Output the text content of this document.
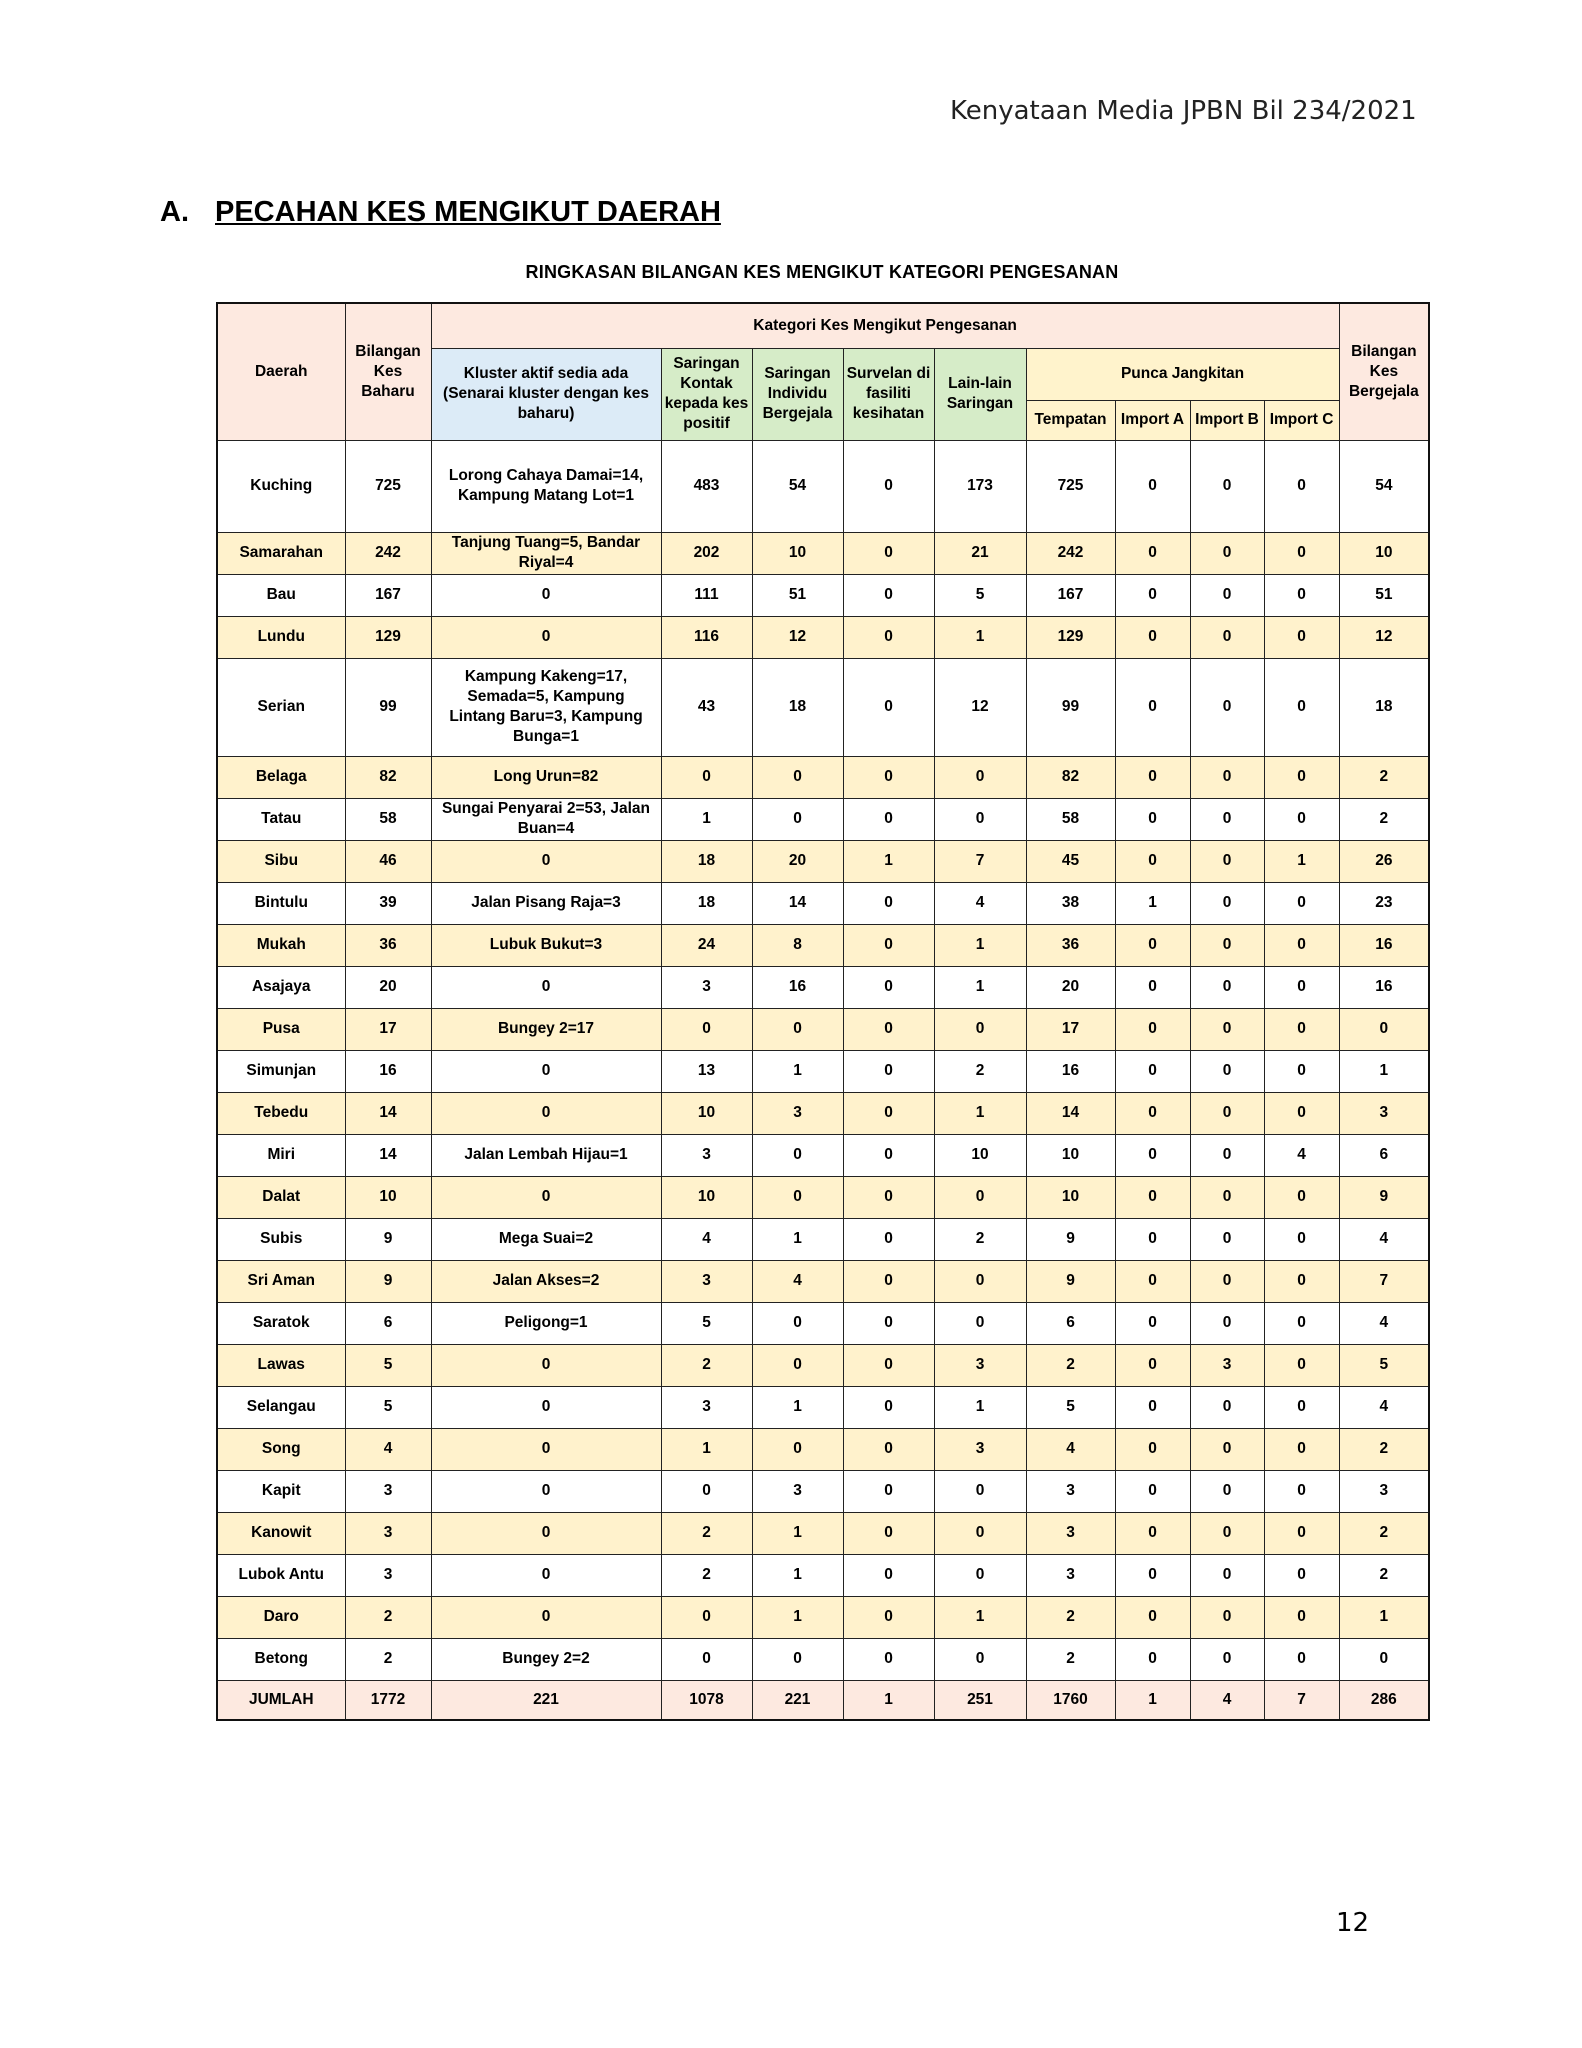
Kenyataan Media JPBN Bil 234/2021
A. PECAHAN KES MENGIKUT DAERAH
RINGKASAN BILANGAN KES MENGIKUT KATEGORI PENGESANAN
Daerah	Bilangan Kes Baharu	Kategori Kes Mengikut Pengesanan									Bilangan Kes Bergejala
		Kluster aktif sedia ada (Senarai kluster dengan kes baharu)	Saringan Kontak kepada kes positif	Saringan Individu Bergejala	Survelan di fasiliti kesihatan	Lain-lain Saringan	Punca Jangkitan				
							Tempatan	Import A	Import B	Import C	
Kuching	725	Lorong Cahaya Damai=14, Kampung Matang Lot=1	483	54	0	173	725	0	0	0	54
Samarahan	242	Tanjung Tuang=5, Bandar Riyal=4	202	10	0	21	242	0	0	0	10
Bau	167	0	111	51	0	5	167	0	0	0	51
Lundu	129	0	116	12	0	1	129	0	0	0	12
Serian	99	Kampung Kakeng=17, Semada=5, Kampung Lintang Baru=3, Kampung Bunga=1	43	18	0	12	99	0	0	0	18
Belaga	82	Long Urun=82	0	0	0	0	82	0	0	0	2
Tatau	58	Sungai Penyarai 2=53, Jalan Buan=4	1	0	0	0	58	0	0	0	2
Sibu	46	0	18	20	1	7	45	0	0	1	26
Bintulu	39	Jalan Pisang Raja=3	18	14	0	4	38	1	0	0	23
Mukah	36	Lubuk Bukut=3	24	8	0	1	36	0	0	0	16
Asajaya	20	0	3	16	0	1	20	0	0	0	16
Pusa	17	Bungey 2=17	0	0	0	0	17	0	0	0	0
Simunjan	16	0	13	1	0	2	16	0	0	0	1
Tebedu	14	0	10	3	0	1	14	0	0	0	3
Miri	14	Jalan Lembah Hijau=1	3	0	0	10	10	0	0	4	6
Dalat	10	0	10	0	0	0	10	0	0	0	9
Subis	9	Mega Suai=2	4	1	0	2	9	0	0	0	4
Sri Aman	9	Jalan Akses=2	3	4	0	0	9	0	0	0	7
Saratok	6	Peligong=1	5	0	0	0	6	0	0	0	4
Lawas	5	0	2	0	0	3	2	0	3	0	5
Selangau	5	0	3	1	0	1	5	0	0	0	4
Song	4	0	1	0	0	3	4	0	0	0	2
Kapit	3	0	0	3	0	0	3	0	0	0	3
Kanowit	3	0	2	1	0	0	3	0	0	0	2
Lubok Antu	3	0	2	1	0	0	3	0	0	0	2
Daro	2	0	0	1	0	1	2	0	0	0	1
Betong	2	Bungey 2=2	0	0	0	0	2	0	0	0	0
JUMLAH	1772	221	1078	221	1	251	1760	1	4	7	286
12
